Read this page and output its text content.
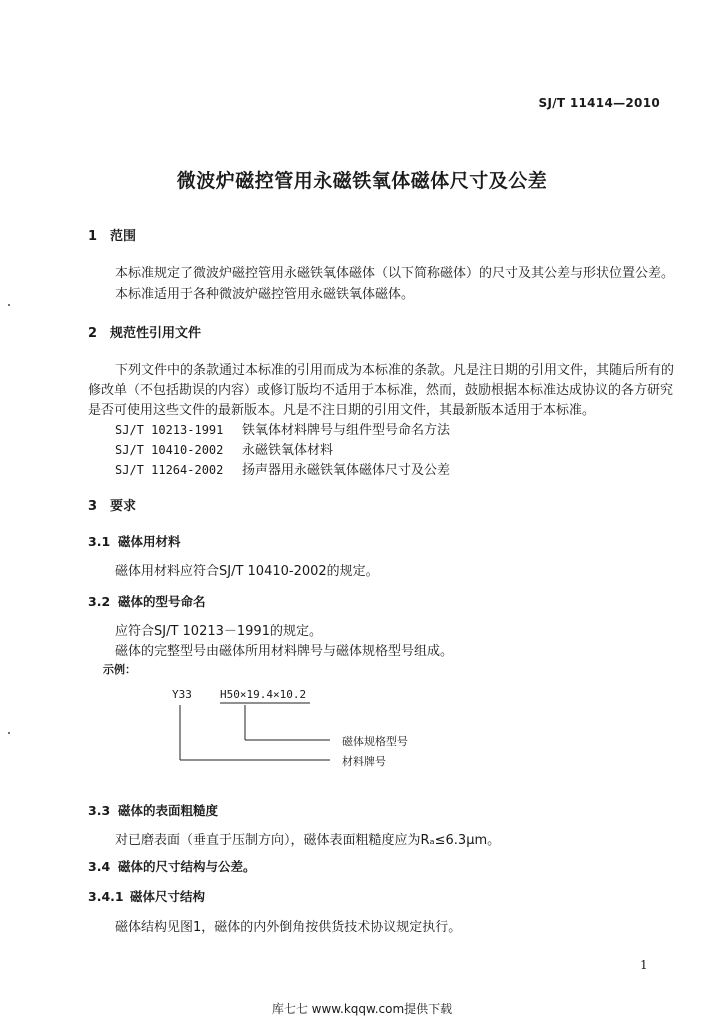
SJ/T 11414—2010
微波炉磁控管用永磁铁氧体磁体尺寸及公差
1 范围
本标准规定了微波炉磁控管用永磁铁氧体磁体（以下简称磁体）的尺寸及其公差与形状位置公差。
本标准适用于各种微波炉磁控管用永磁铁氧体磁体。
2 规范性引用文件
下列文件中的条款通过本标准的引用而成为本标准的条款。凡是注日期的引用文件，其随后所有的
修改单（不包括勘误的内容）或修订版均不适用于本标准，然而，鼓励根据本标准达成协议的各方研究
是否可使用这些文件的最新版本。凡是不注日期的引用文件，其最新版本适用于本标准。
SJ/T 10213-1991 铁氧体材料牌号与组件型号命名方法
SJ/T 10410-2002 永磁铁氧体材料
SJ/T 11264-2002 扬声器用永磁铁氧体磁体尺寸及公差
3 要求
3.1 磁体用材料
磁体用材料应符合SJ/T 10410-2002的规定。
3.2 磁体的型号命名
应符合SJ/T 10213－1991的规定。
磁体的完整型号由磁体所用材料牌号与磁体规格型号组成。
示例：
Y33	H50×19.4×10.2
磁体规格型号
材料牌号
3.3 磁体的表面粗糙度
对已磨表面（垂直于压制方向），磁体表面粗糙度应为Rₐ≤6.3μm。
3.4 磁体的尺寸结构与公差。
3.4.1 磁体尺寸结构
磁体结构见图1，磁体的内外倒角按供货技术协议规定执行。
1
库七七 www.kqqw.com提供下载
